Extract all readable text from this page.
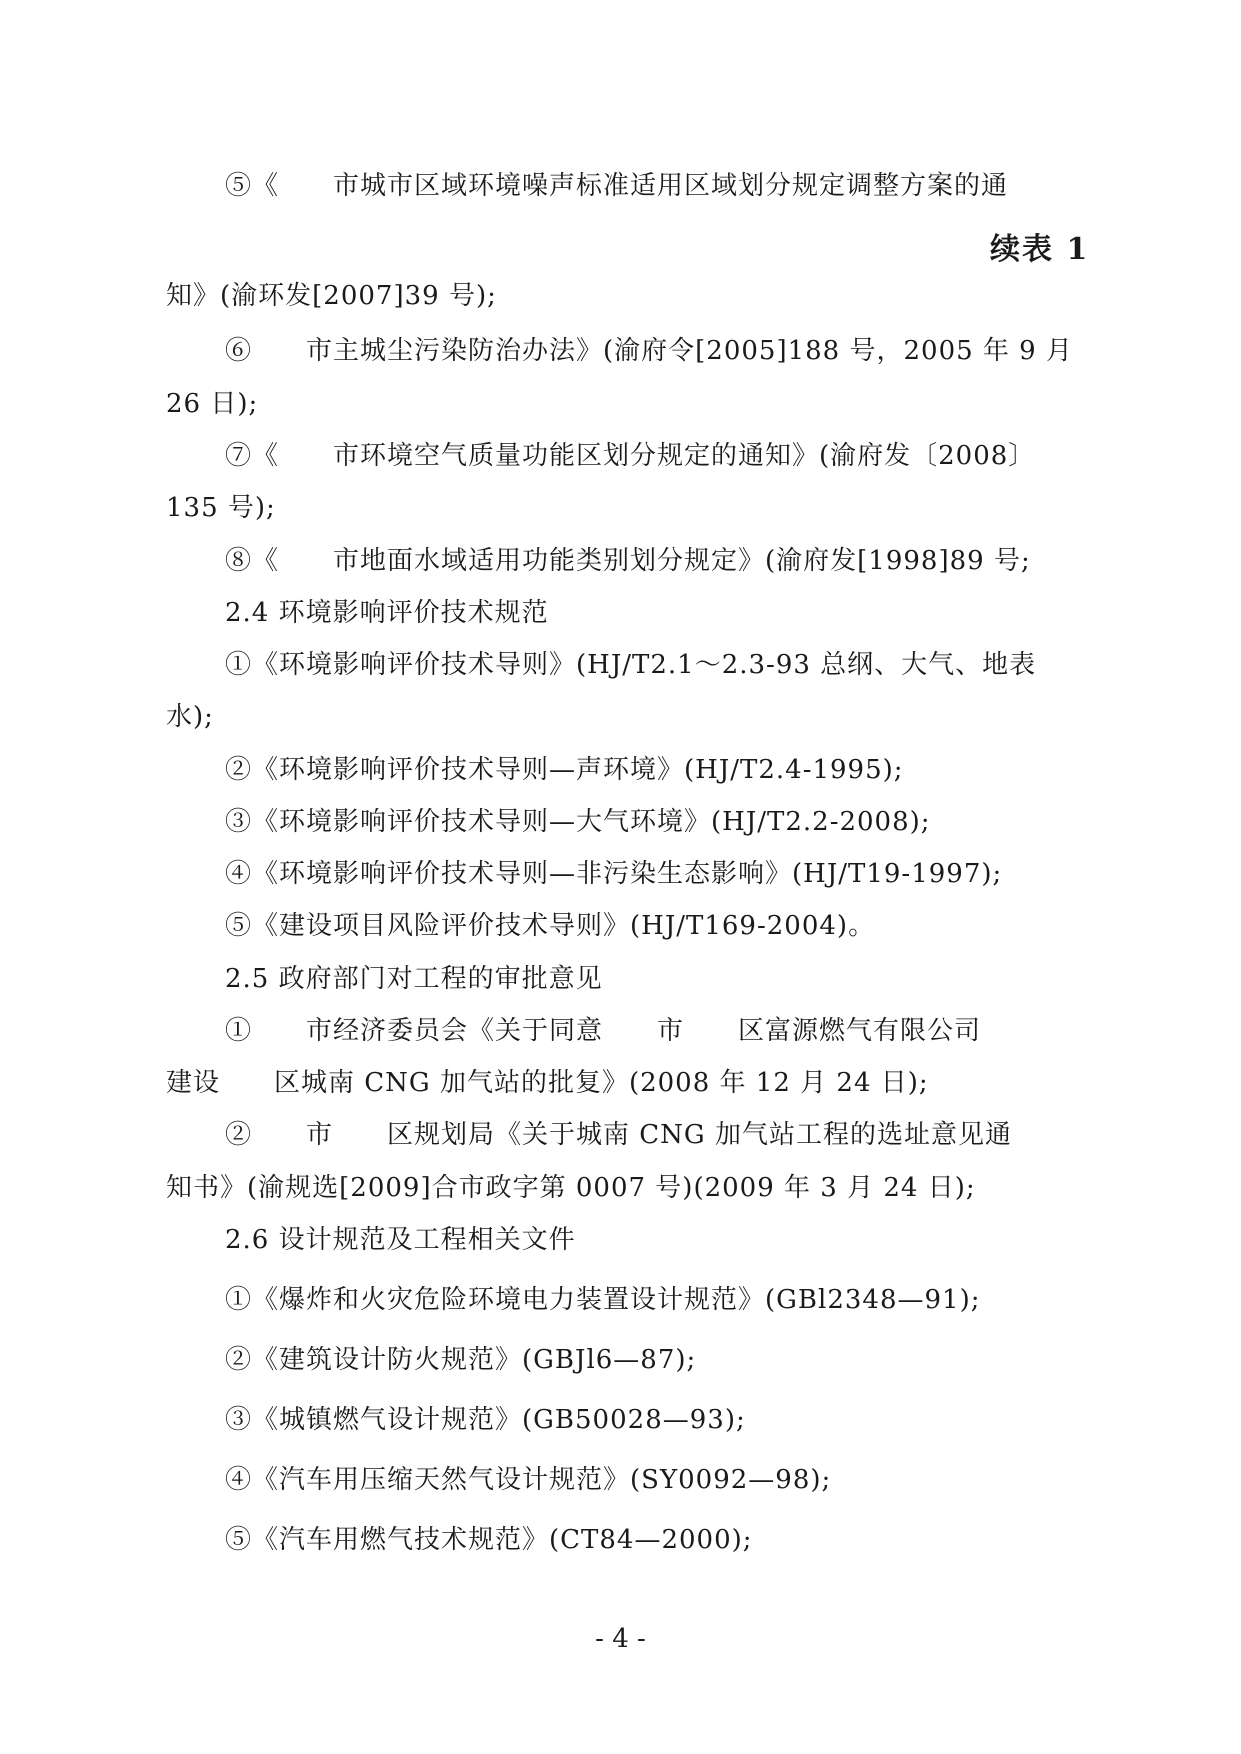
⑤《　　市城市区域环境噪声标准适用区域划分规定调整方案的通
续表 1
知》(渝环发[2007]39 号);
⑥　　市主城尘污染防治办法》(渝府令[2005]188 号，2005 年 9 月
26 日);
⑦《　　市环境空气质量功能区划分规定的通知》(渝府发〔2008〕
135 号);
⑧《　　市地面水域适用功能类别划分规定》(渝府发[1998]89 号;
2.4 环境影响评价技术规范
①《环境影响评价技术导则》(HJ/T2.1～2.3-93 总纲、大气、地表
水);
②《环境影响评价技术导则—声环境》(HJ/T2.4-1995);
③《环境影响评价技术导则—大气环境》(HJ/T2.2-2008);
④《环境影响评价技术导则—非污染生态影响》(HJ/T19-1997);
⑤《建设项目风险评价技术导则》(HJ/T169-2004)。
2.5 政府部门对工程的审批意见
①　　市经济委员会《关于同意　　市　　区富源燃气有限公司
建设　　区城南 CNG 加气站的批复》(2008 年 12 月 24 日);
②　　市　　区规划局《关于城南 CNG 加气站工程的选址意见通
知书》(渝规选[2009]合市政字第 0007 号)(2009 年 3 月 24 日);
2.6 设计规范及工程相关文件
①《爆炸和火灾危险环境电力装置设计规范》(GBl2348—91);
②《建筑设计防火规范》(GBJl6—87);
③《城镇燃气设计规范》(GB50028—93);
④《汽车用压缩天然气设计规范》(SY0092—98);
⑤《汽车用燃气技术规范》(CT84—2000);
- 4 -
